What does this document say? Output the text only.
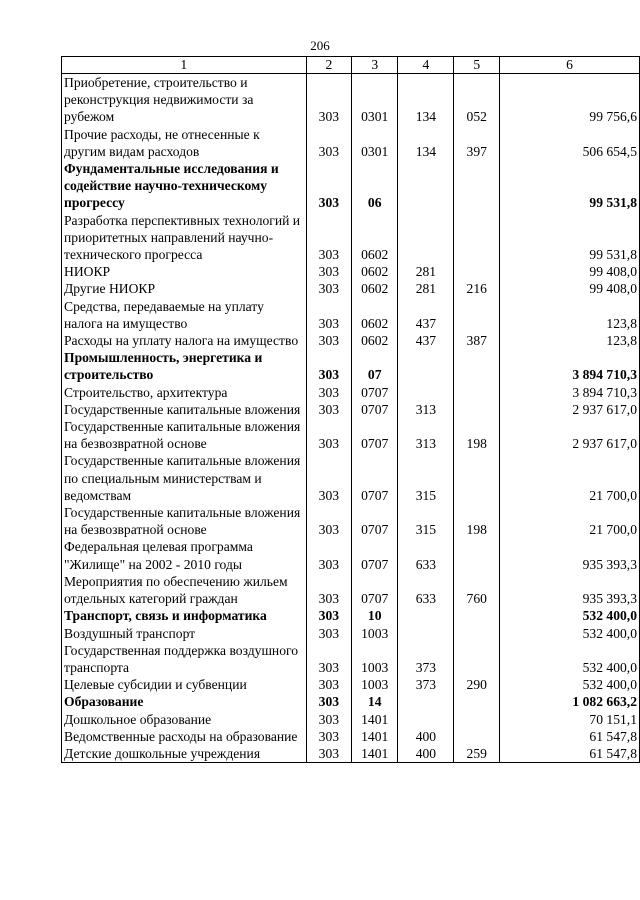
206
1	2	3	4	5	6
Приобретение, строительство и реконструкция недвижимости за рубежом	303	0301	134	052	99 756,6
Прочие расходы, не отнесенные к другим видам расходов	303	0301	134	397	506 654,5
Фундаментальные исследования и содействие научно-техническому прогрессу	303	06			99 531,8
Разработка перспективных технологий и приоритетных направлений научно-технического прогресса	303	0602			99 531,8
НИОКР	303	0602	281		99 408,0
Другие НИОКР	303	0602	281	216	99 408,0
Средства, передаваемые на уплату налога на имущество	303	0602	437		123,8
Расходы на уплату налога на имущество	303	0602	437	387	123,8
Промышленность, энергетика и строительство	303	07			3 894 710,3
Строительство, архитектура	303	0707			3 894 710,3
Государственные капитальные вложения	303	0707	313		2 937 617,0
Государственные капитальные вложения на безвозвратной основе	303	0707	313	198	2 937 617,0
Государственные капитальные вложения по специальным министерствам и ведомствам	303	0707	315		21 700,0
Государственные капитальные вложения на безвозвратной основе	303	0707	315	198	21 700,0
Федеральная целевая программа "Жилище" на 2002 - 2010 годы	303	0707	633		935 393,3
Мероприятия по обеспечению жильем отдельных категорий граждан	303	0707	633	760	935 393,3
Транспорт, связь и информатика	303	10			532 400,0
Воздушный транспорт	303	1003			532 400,0
Государственная поддержка воздушного транспорта	303	1003	373		532 400,0
Целевые субсидии и субвенции	303	1003	373	290	532 400,0
Образование	303	14			1 082 663,2
Дошкольное образование	303	1401			70 151,1
Ведомственные расходы на образование	303	1401	400		61 547,8
Детские дошкольные учреждения	303	1401	400	259	61 547,8
